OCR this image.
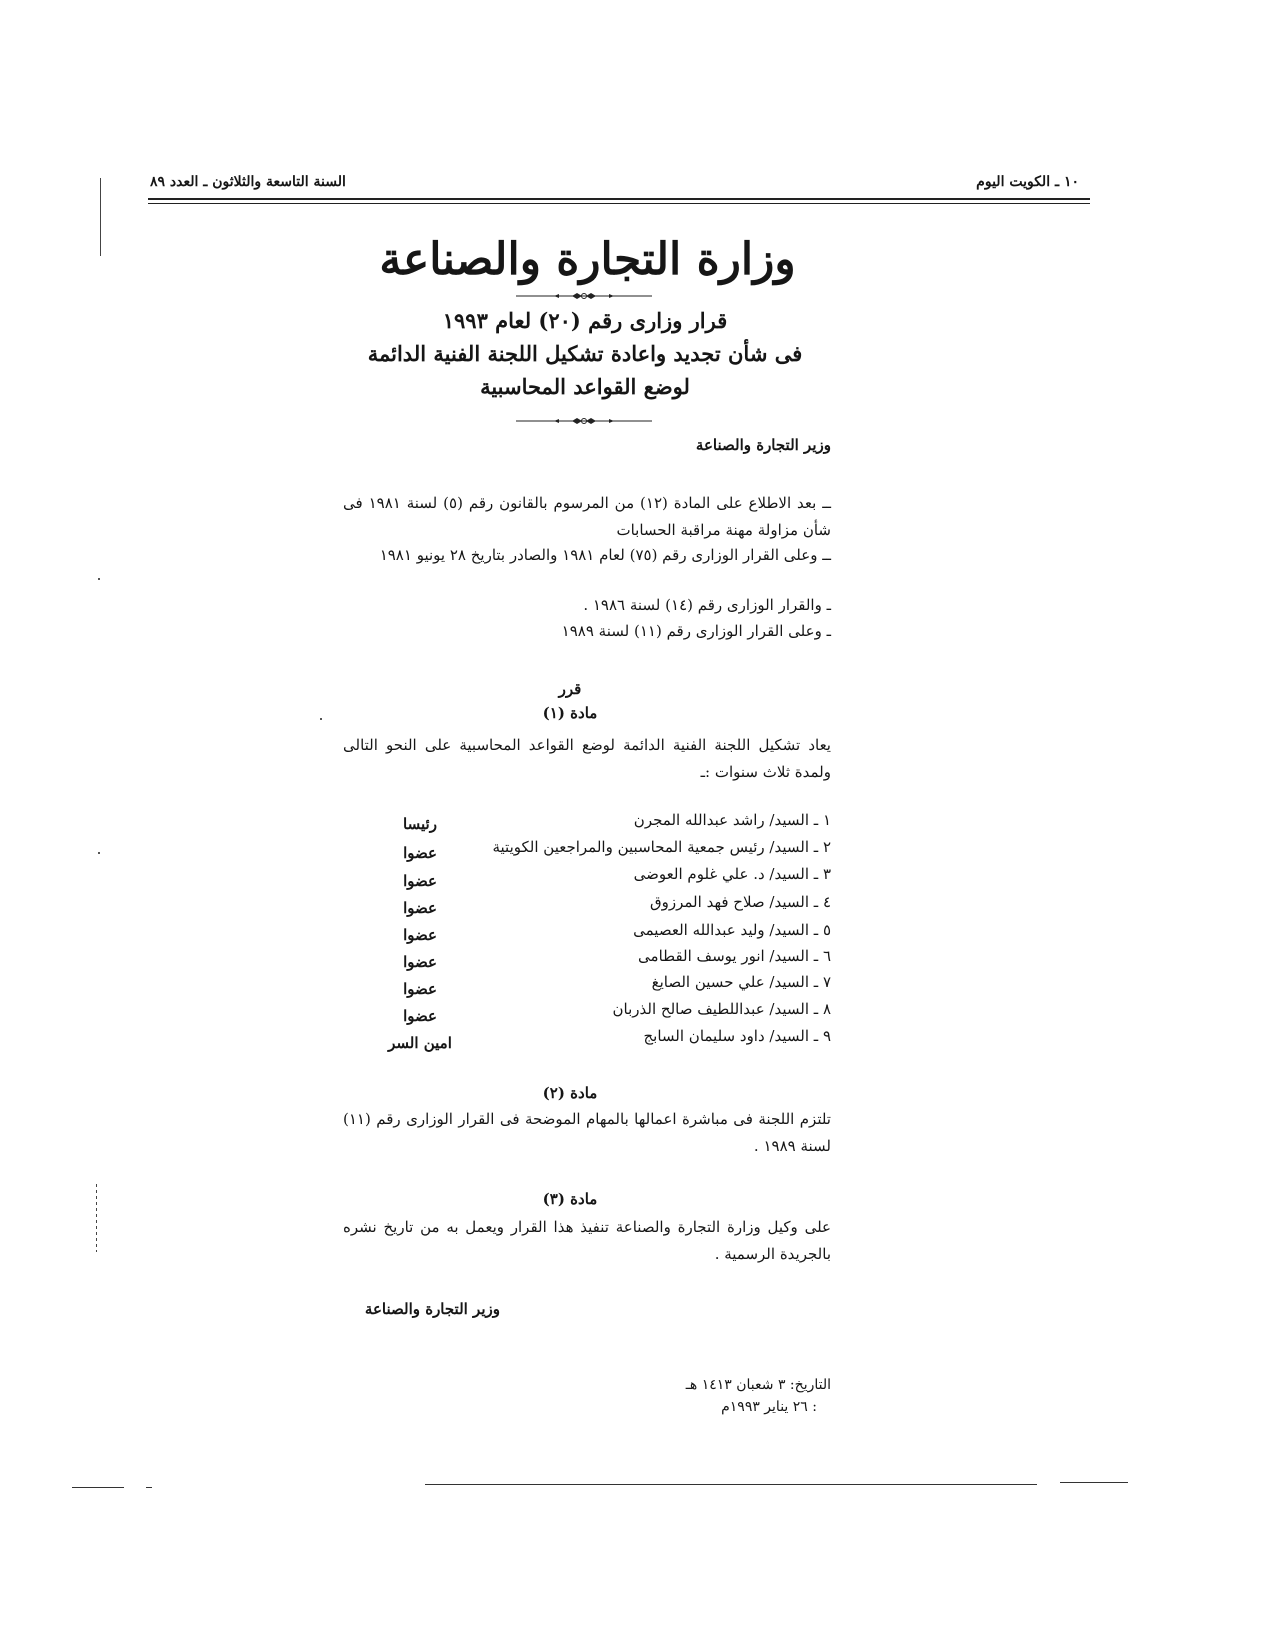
١٠ ـ الكويت اليوم
السنة التاسعة والثلاثون ـ العدد ٨٩
وزارة التجارة والصناعة
قرار وزارى رقم (٢٠) لعام ١٩٩٣
فى شأن تجديد واعادة تشكيل اللجنة الفنية الدائمة
لوضع القواعد المحاسبية
وزير التجارة والصناعة
ــ بعد الاطلاع على المادة (١٢) من المرسوم بالقانون رقم (٥) لسنة ١٩٨١ فى شأن مزاولة مهنة مراقبة الحسابات
ــ وعلى القرار الوزارى رقم (٧٥) لعام ١٩٨١ والصادر بتاريخ ٢٨ يونيو ١٩٨١
ـ والقرار الوزارى رقم (١٤) لسنة ١٩٨٦ .
ـ وعلى القرار الوزارى رقم (١١) لسنة ١٩٨٩
قرر
مادة (١)
يعاد تشكيل اللجنة الفنية الدائمة لوضع القواعد المحاسبية على النحو التالى ولمدة ثلاث سنوات :ـ
١ ـ السيد/ راشد عبدالله المجرن
رئيسا
٢ ـ السيد/ رئيس جمعية المحاسبين والمراجعين الكويتية
عضوا
٣ ـ السيد/ د. علي غلوم العوضى
عضوا
٤ ـ السيد/ صلاح فهد المرزوق
عضوا
٥ ـ السيد/ وليد عبدالله العصيمى
عضوا
٦ ـ السيد/ انور يوسف القطامى
عضوا
٧ ـ السيد/ علي حسين الصايغ
عضوا
٨ ـ السيد/ عبداللطيف صالح الذربان
عضوا
٩ ـ السيد/ داود سليمان السابج
امين السر
مادة (٢)
تلتزم اللجنة فى مباشرة اعمالها بالمهام الموضحة فى القرار الوزارى رقم (١١) لسنة ١٩٨٩ .
مادة (٣)
على وكيل وزارة التجارة والصناعة تنفيذ هذا القرار ويعمل به من تاريخ نشره بالجريدة الرسمية .
وزير التجارة والصناعة
التاريخ: ٣ شعبان ١٤١٣ هـ
: ٢٦ يناير ١٩٩٣م
